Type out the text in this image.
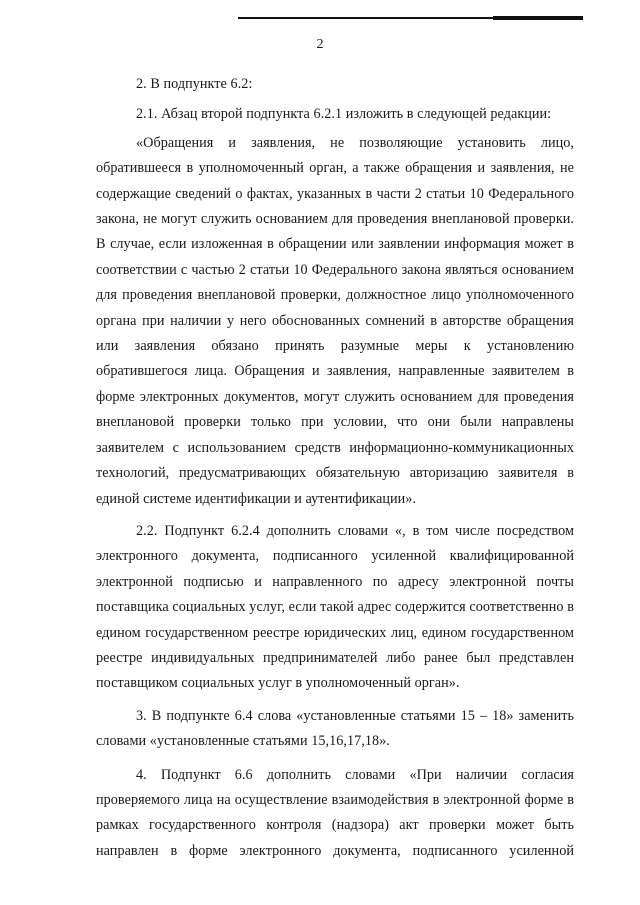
2

2. В подпункте 6.2:

2.1. Абзац второй подпункта 6.2.1 изложить в следующей редакции:

«Обращения и заявления, не позволяющие установить лицо, обратившееся в уполномоченный орган, а также обращения и заявления, не содержащие сведений о фактах, указанных в части 2 статьи 10 Федерального закона, не могут служить основанием для проведения внеплановой проверки. В случае, если изложенная в обращении или заявлении информация может в соответствии с частью 2 статьи 10 Федерального закона являться основанием для проведения внеплановой проверки, должностное лицо уполномоченного органа при наличии у него обоснованных сомнений в авторстве обращения или заявления обязано принять разумные меры к установлению обратившегося лица. Обращения и заявления, направленные заявителем в форме электронных документов, могут служить основанием для проведения внеплановой проверки только при условии, что они были направлены заявителем с использованием средств информационно-коммуникационных технологий, предусматривающих обязательную авторизацию заявителя в единой системе идентификации и аутентификации».

2.2. Подпункт 6.2.4 дополнить словами «, в том числе посредством электронного документа, подписанного усиленной квалифицированной электронной подписью и направленного по адресу электронной почты поставщика социальных услуг, если такой адрес содержится соответственно в едином государственном реестре юридических лиц, едином государственном реестре индивидуальных предпринимателей либо ранее был представлен поставщиком социальных услуг в уполномоченный орган».

3. В подпункте 6.4 слова «установленные статьями 15 – 18» заменить словами «установленные статьями 15,16,17,18».

4. Подпункт 6.6 дополнить словами «При наличии согласия проверяемого лица на осуществление взаимодействия в электронной форме в рамках государственного контроля (надзора) акт проверки может быть направлен в форме электронного документа, подписанного усиленной
